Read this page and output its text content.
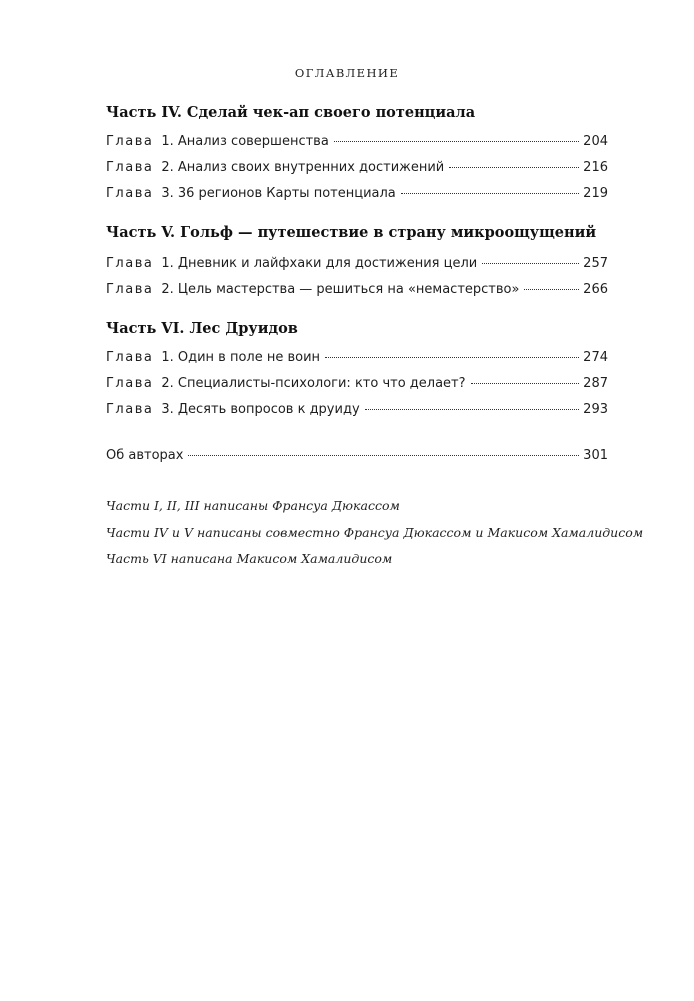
ОГЛАВЛЕНИЕ
Часть IV. Сделай чек-ап своего потенциала
Глава 1. Анализ совершенства	204
Глава 2. Анализ своих внутренних достижений	216
Глава 3. 36 регионов Карты потенциала	219
Часть V. Гольф — путешествие в страну микроощущений
Глава 1. Дневник и лайфхаки для достижения цели	257
Глава 2. Цель мастерства — решиться на «немастерство»	266
Часть VI. Лес Друидов
Глава 1. Один в поле не воин	274
Глава 2. Специалисты-психологи: кто что делает?	287
Глава 3. Десять вопросов к друиду	293
Об авторах	301
Части I, II, III написаны Франсуа Дюкассом
Части IV и V написаны совместно Франсуа Дюкассом и Макисом Хамалидисом
Часть VI написана Макисом Хамалидисом
